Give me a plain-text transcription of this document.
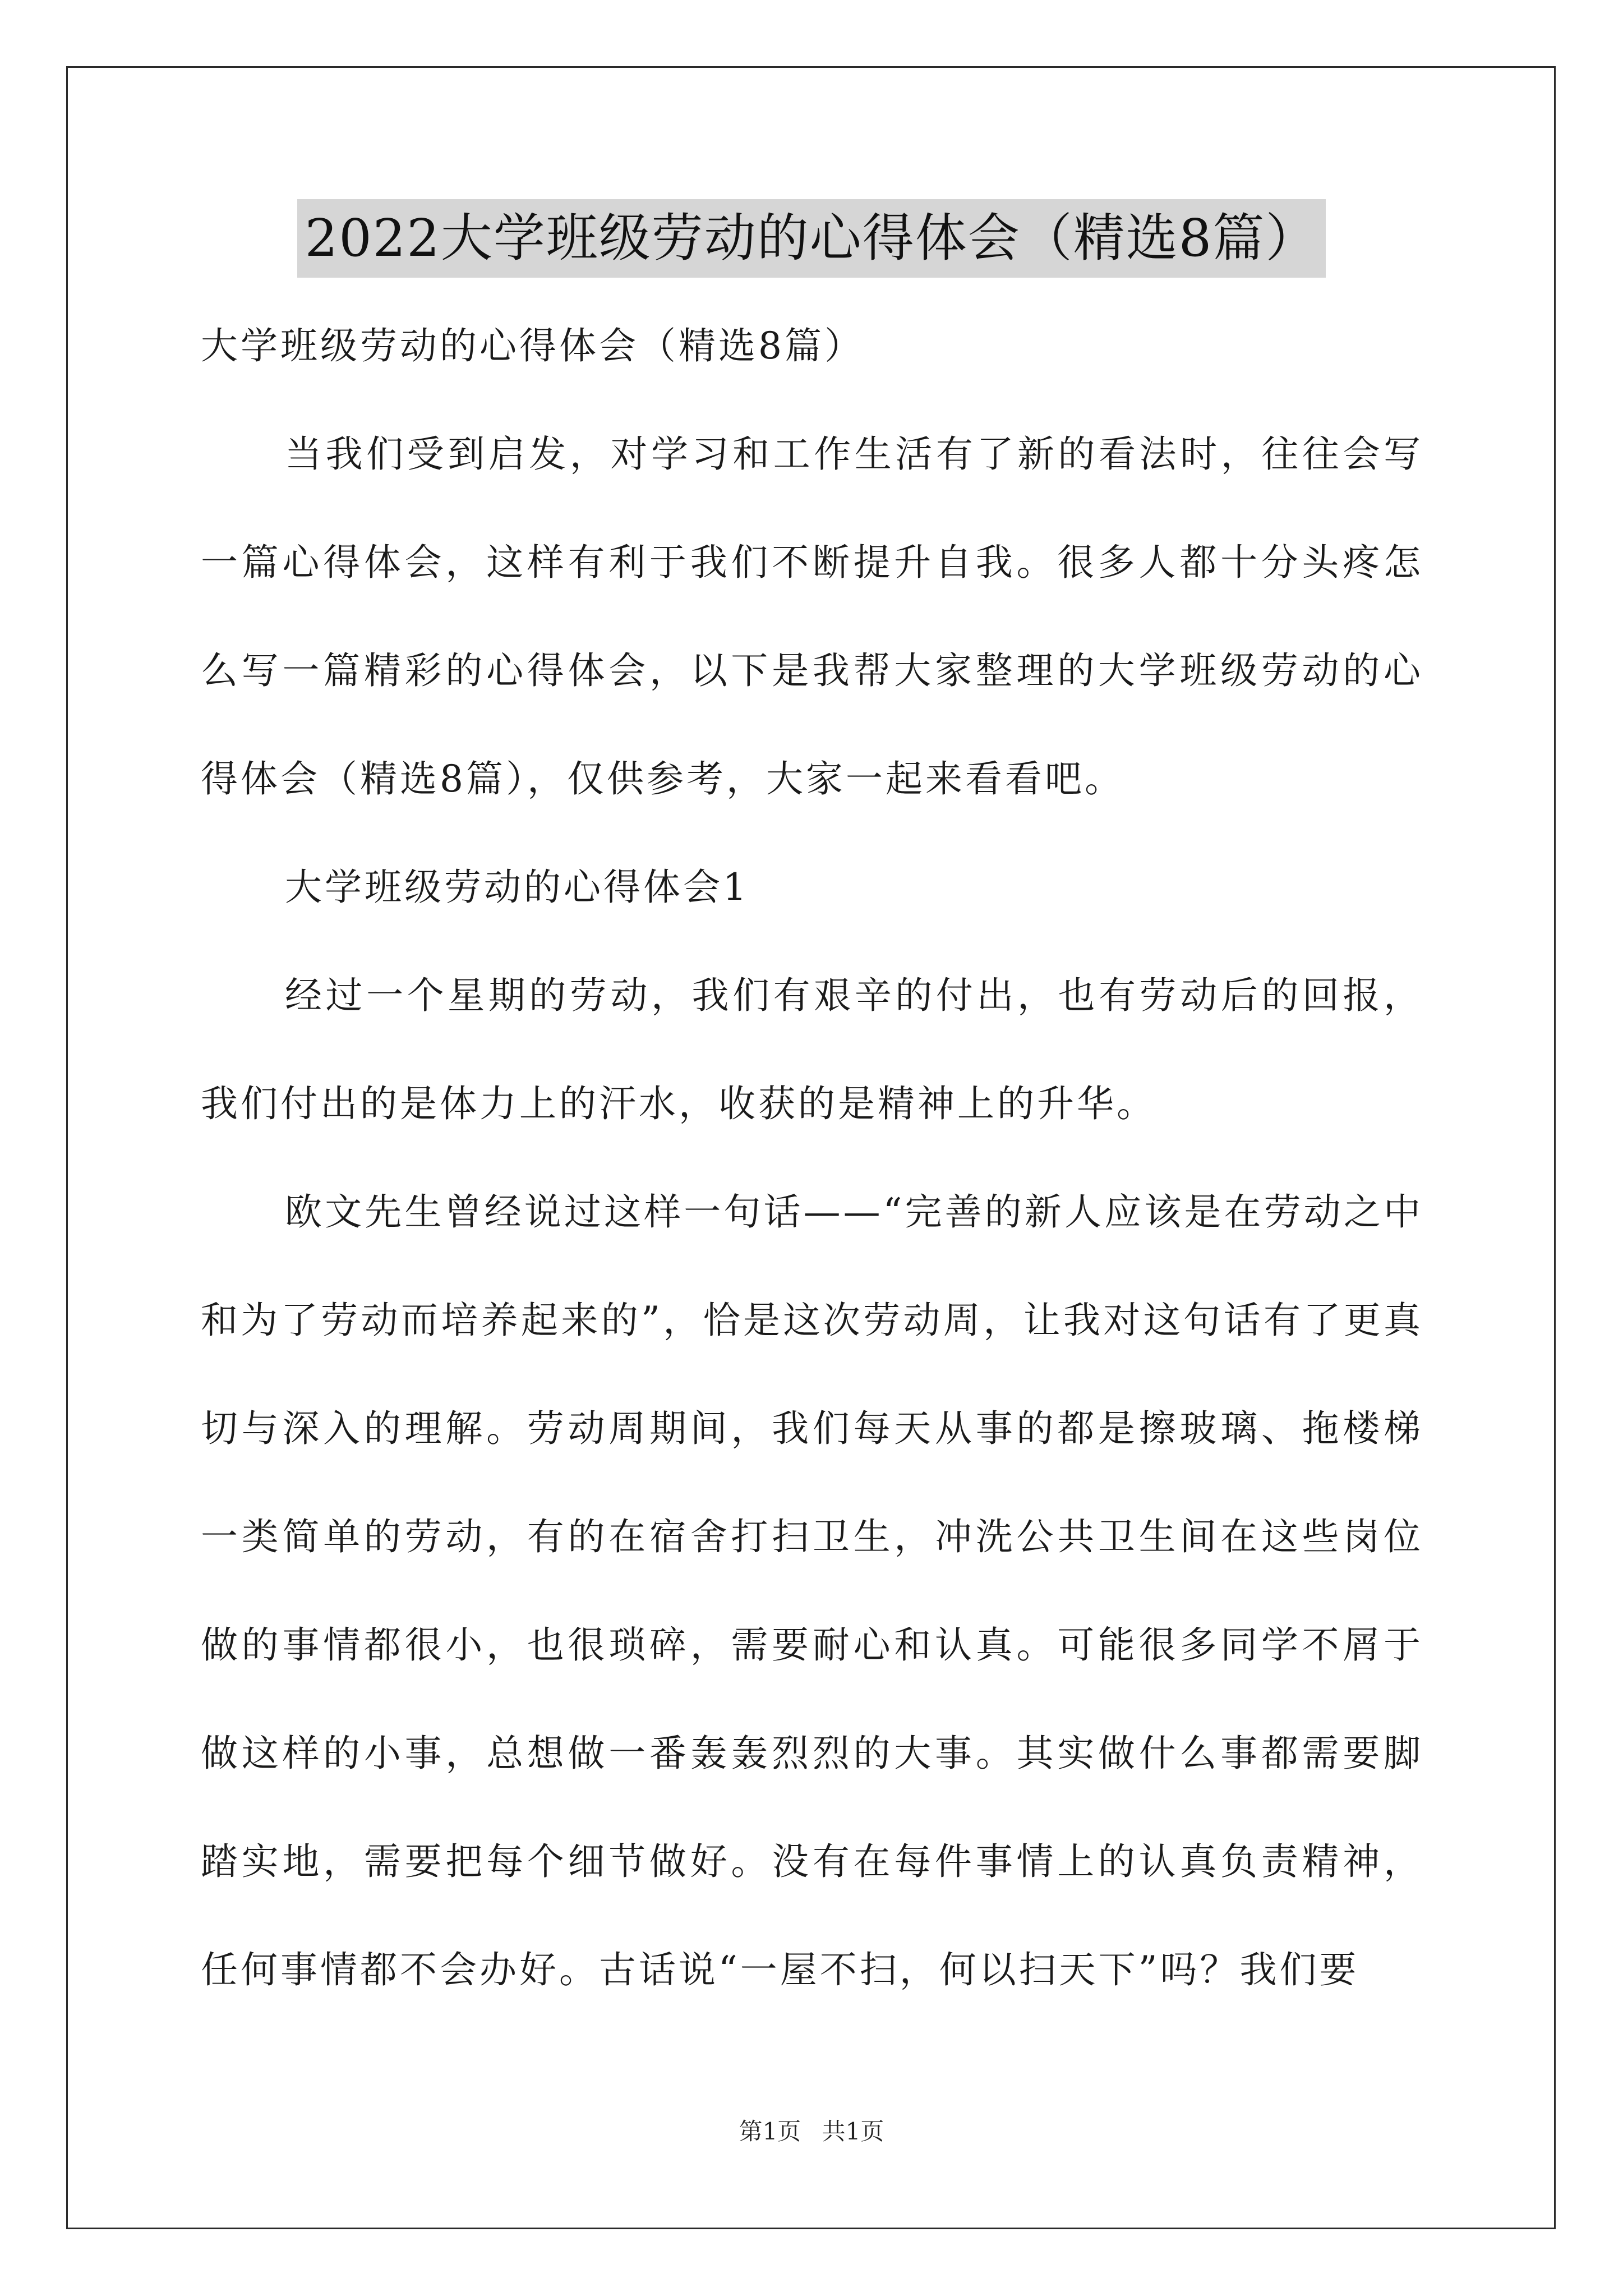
2022大学班级劳动的心得体会（精选8篇）

大学班级劳动的心得体会（精选8篇）

当我们受到启发，对学习和工作生活有了新的看法时，往往会写一篇心得体会，这样有利于我们不断提升自我。很多人都十分头疼怎么写一篇精彩的心得体会，以下是我帮大家整理的大学班级劳动的心得体会（精选8篇），仅供参考，大家一起来看看吧。

大学班级劳动的心得体会1

经过一个星期的劳动，我们有艰辛的付出，也有劳动后的回报，我们付出的是体力上的汗水，收获的是精神上的升华。

欧文先生曾经说过这样一句话——“完善的新人应该是在劳动之中和为了劳动而培养起来的”，恰是这次劳动周，让我对这句话有了更真切与深入的理解。劳动周期间，我们每天从事的都是擦玻璃、拖楼梯一类简单的劳动，有的在宿舍打扫卫生，冲洗公共卫生间在这些岗位做的事情都很小，也很琐碎，需要耐心和认真。可能很多同学不屑于做这样的小事，总想做一番轰轰烈烈的大事。其实做什么事都需要脚踏实地，需要把每个细节做好。没有在每件事情上的认真负责精神，任何事情都不会办好。古话说“一屋不扫，何以扫天下”吗？我们要

第1页 共1页
